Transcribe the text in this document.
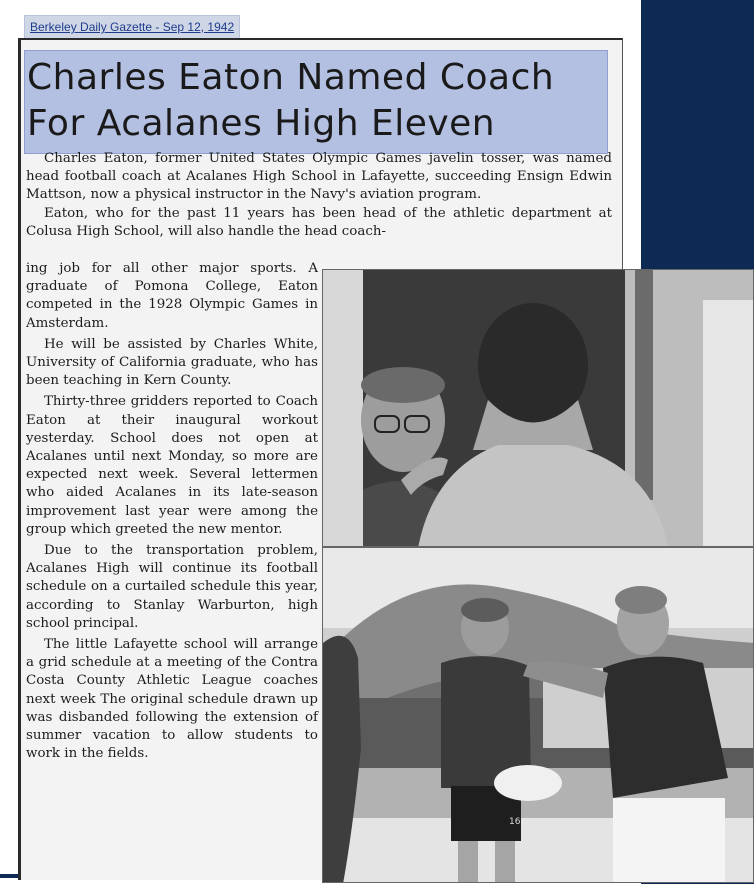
Berkeley Daily Gazette - Sep 12, 1942
Charles Eaton Named Coach
For Acalanes High Eleven

Charles Eaton, former United States Olympic Games javelin tosser, was named head football coach at Acalanes High School in Lafayette, succeeding Ensign Edwin Mattson, now a physical instructor in the Navy's aviation program.

Eaton, who for the past 11 years has been head of the athletic department at Colusa High School, will also handle the head coach-

ing job for all other major sports. A graduate of Pomona College, Eaton competed in the 1928 Olympic Games in Amsterdam.

He will be assisted by Charles White, University of California graduate, who has been teaching in Kern County.

Thirty-three gridders reported to Coach Eaton at their inaugural workout yesterday. School does not open at Acalanes until next Monday, so more are expected next week. Several lettermen who aided Acalanes in its late-season improvement last year were among the group which greeted the new mentor.

Due to the transportation problem, Acalanes High will continue its football schedule on a curtailed schedule this year, according to Stanlay Warburton, high school principal.

The little Lafayette school will arrange a grid schedule at a meeting of the Contra Costa County Athletic League coaches next week The original schedule drawn up was disbanded following the extension of summer vacation to allow students to work in the fields.

16
